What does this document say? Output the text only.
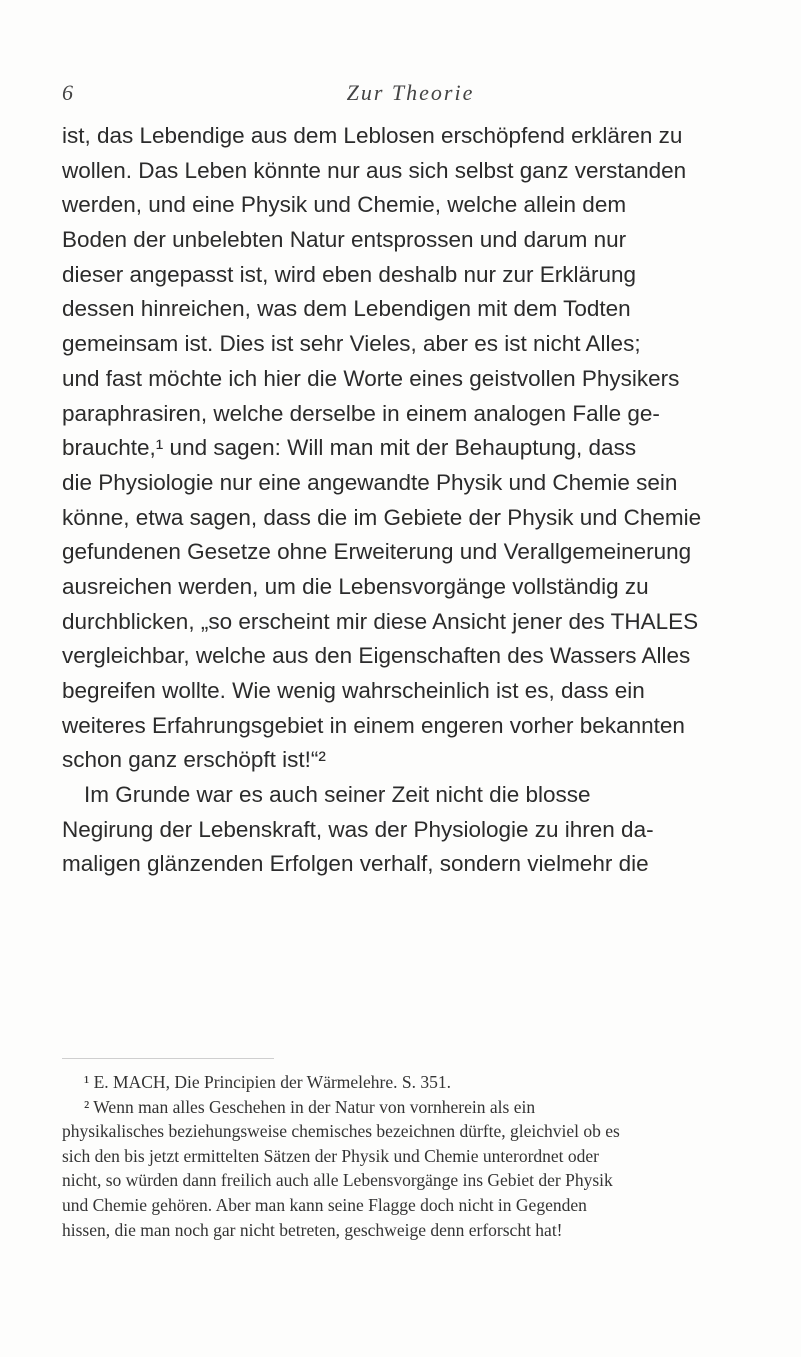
6	Zur Theorie
ist, das Lebendige aus dem Leblosen erschöpfend erklären zu
wollen. Das Leben könnte nur aus sich selbst ganz verstanden
werden, und eine Physik und Chemie, welche allein dem
Boden der unbelebten Natur entsprossen und darum nur
dieser angepasst ist, wird eben deshalb nur zur Erklärung
dessen hinreichen, was dem Lebendigen mit dem Todten
gemeinsam ist. Dies ist sehr Vieles, aber es ist nicht Alles;
und fast möchte ich hier die Worte eines geistvollen Physikers
paraphrasiren, welche derselbe in einem analogen Falle ge-
brauchte,¹ und sagen: Will man mit der Behauptung, dass
die Physiologie nur eine angewandte Physik und Chemie sein
könne, etwa sagen, dass die im Gebiete der Physik und Chemie
gefundenen Gesetze ohne Erweiterung und Verallgemeinerung
ausreichen werden, um die Lebensvorgänge vollständig zu
durchblicken, „so erscheint mir diese Ansicht jener des THALES
vergleichbar, welche aus den Eigenschaften des Wassers Alles
begreifen wollte. Wie wenig wahrscheinlich ist es, dass ein
weiteres Erfahrungsgebiet in einem engeren vorher bekannten
schon ganz erschöpft ist!“²
Im Grunde war es auch seiner Zeit nicht die blosse
Negirung der Lebenskraft, was der Physiologie zu ihren da-
maligen glänzenden Erfolgen verhalf, sondern vielmehr die
¹ E. MACH, Die Principien der Wärmelehre. S. 351.
² Wenn man alles Geschehen in der Natur von vornherein als ein
physikalisches beziehungsweise chemisches bezeichnen dürfte, gleichviel ob es
sich den bis jetzt ermittelten Sätzen der Physik und Chemie unterordnet oder
nicht, so würden dann freilich auch alle Lebensvorgänge ins Gebiet der Physik
und Chemie gehören. Aber man kann seine Flagge doch nicht in Gegenden
hissen, die man noch gar nicht betreten, geschweige denn erforscht hat!
